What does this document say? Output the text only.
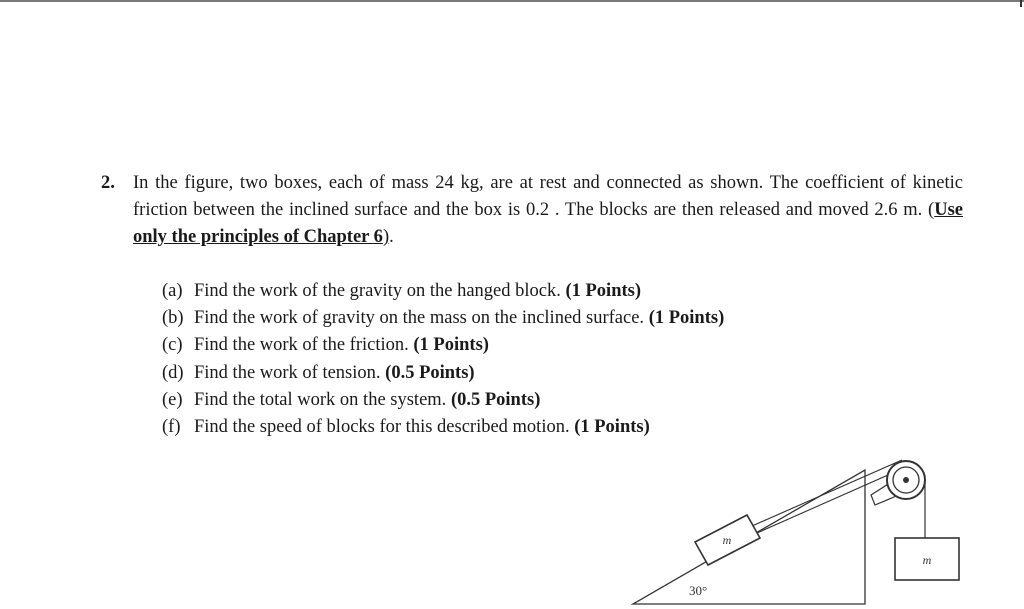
2. In the figure, two boxes, each of mass 24 kg, are at rest and connected as shown. The coefficient of kinetic friction between the inclined surface and the box is 0.2 . The blocks are then released and moved 2.6 m. (Use only the principles of Chapter 6).
(a) Find the work of the gravity on the hanged block. (1 Points)
(b) Find the work of gravity on the mass on the inclined surface. (1 Points)
(c) Find the work of the friction. (1 Points)
(d) Find the work of tension. (0.5 Points)
(e) Find the total work on the system. (0.5 Points)
(f) Find the speed of blocks for this described motion. (1 Points)
m
m
30°
